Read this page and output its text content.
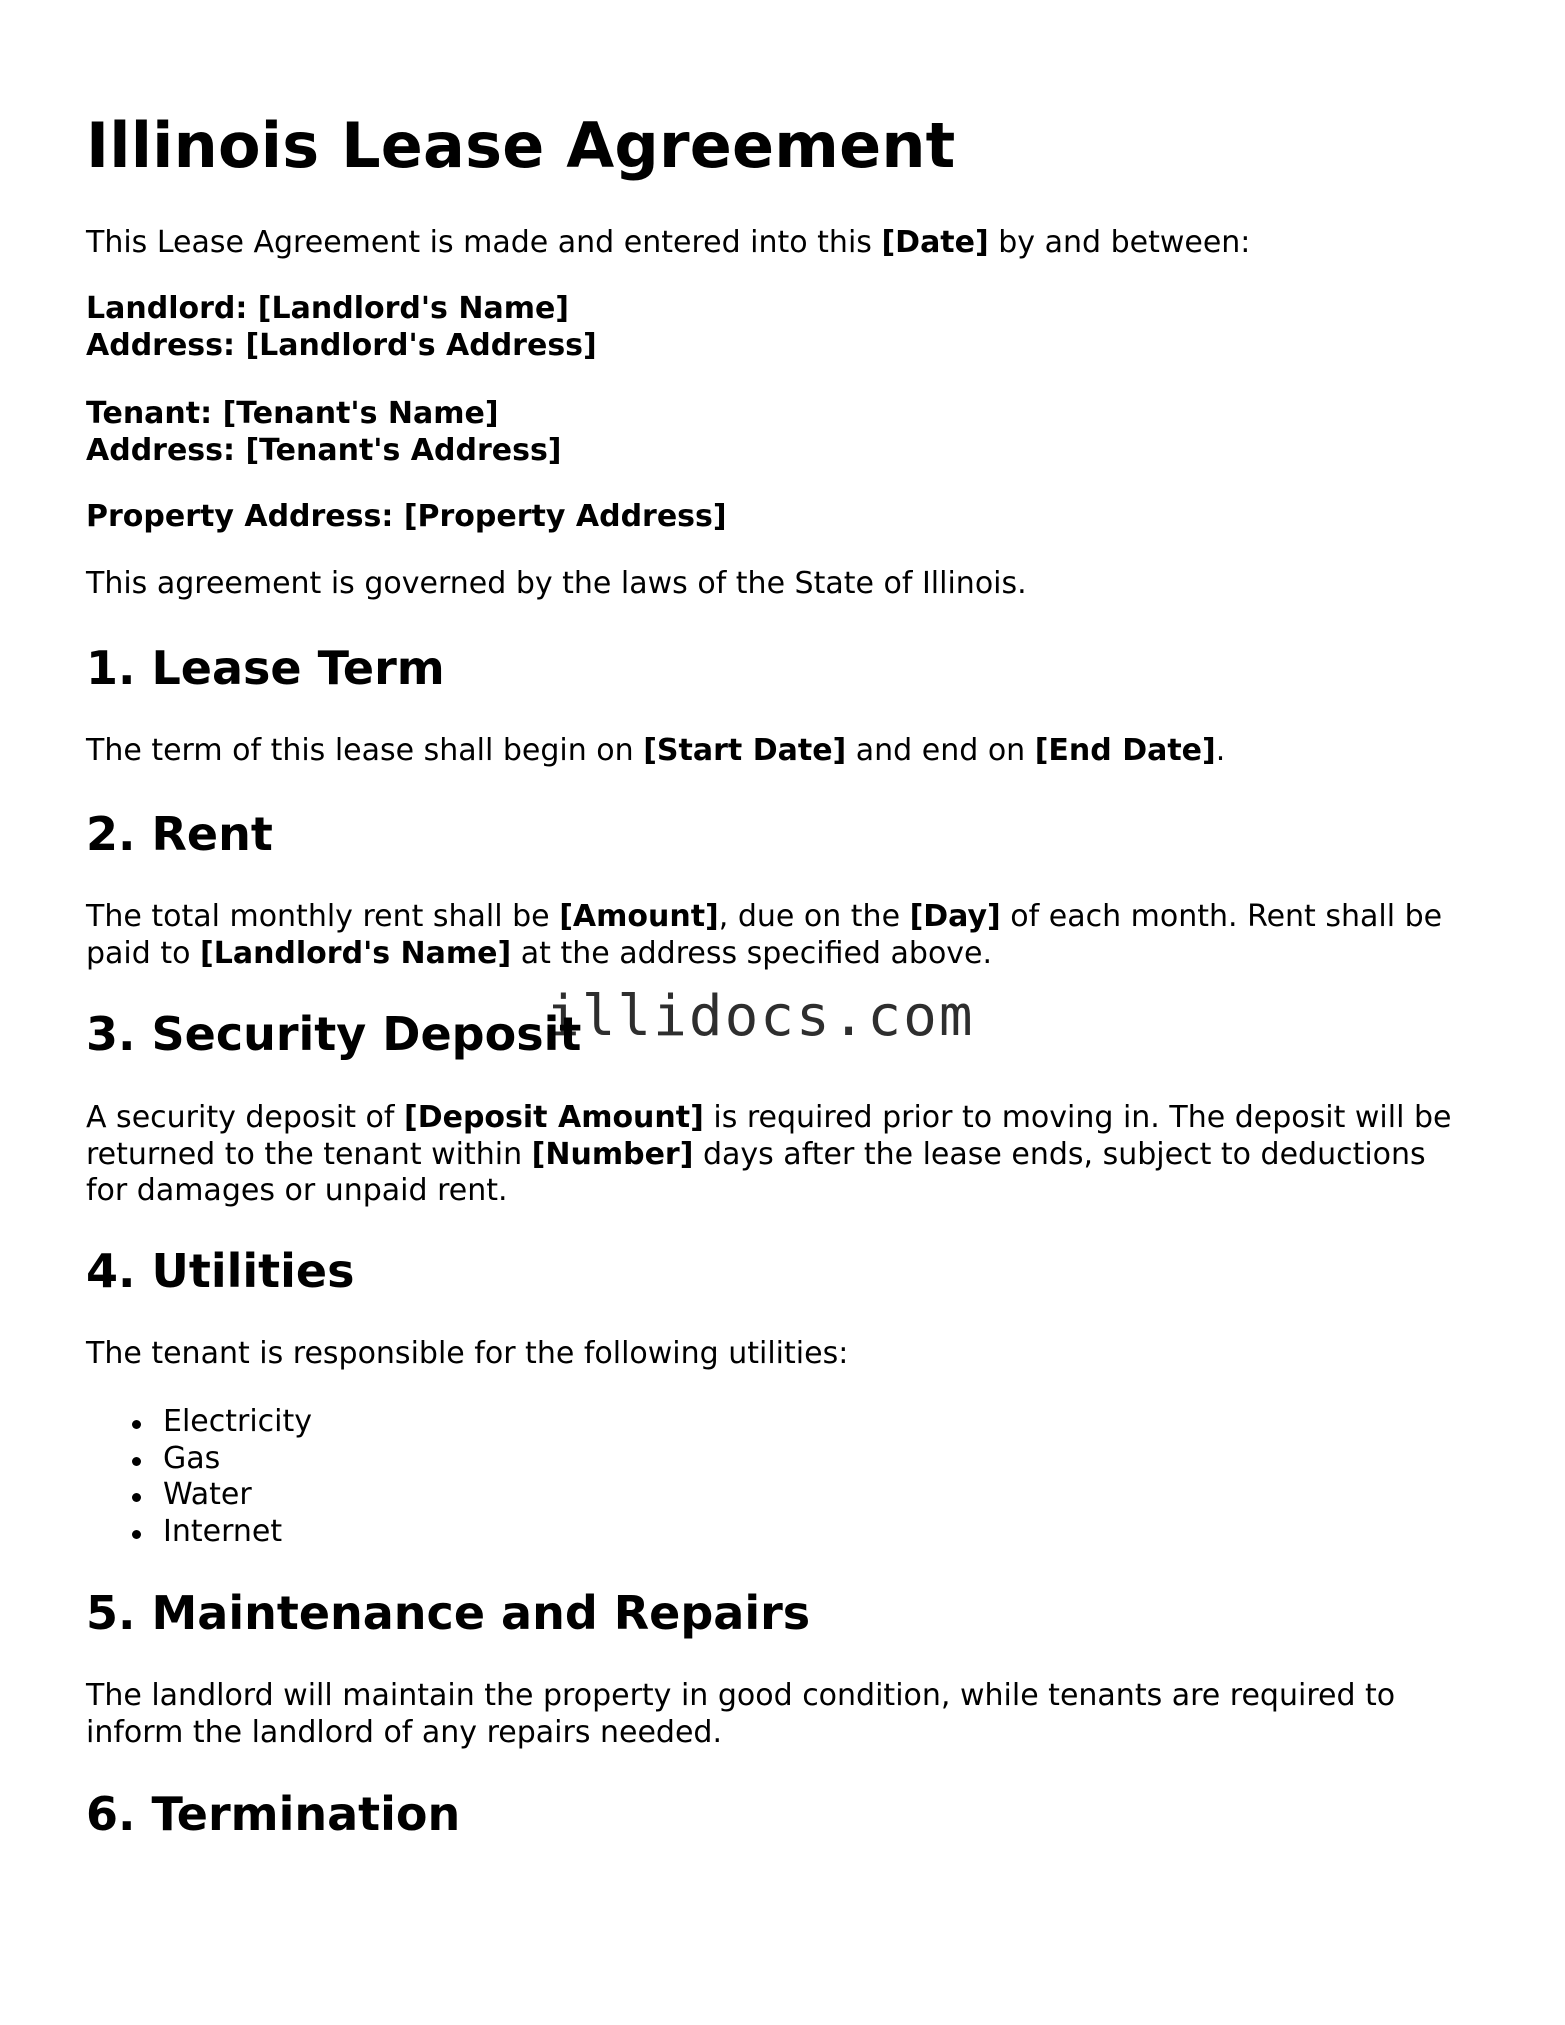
Illinois Lease Agreement
This Lease Agreement is made and entered into this [Date] by and between:
Landlord: [Landlord's Name]
Address: [Landlord's Address]
Tenant: [Tenant's Name]
Address: [Tenant's Address]
Property Address: [Property Address]
This agreement is governed by the laws of the State of Illinois.
1. Lease Term
The term of this lease shall begin on [Start Date] and end on [End Date].
2. Rent
The total monthly rent shall be [Amount], due on the [Day] of each month. Rent shall be
paid to [Landlord's Name] at the address specified above.
3. Security Deposit
A security deposit of [Deposit Amount] is required prior to moving in. The deposit will be
returned to the tenant within [Number] days after the lease ends, subject to deductions
for damages or unpaid rent.
4. Utilities
The tenant is responsible for the following utilities:
Electricity
Gas
Water
Internet
5. Maintenance and Repairs
The landlord will maintain the property in good condition, while tenants are required to
inform the landlord of any repairs needed.
6. Termination
illidocs.com
